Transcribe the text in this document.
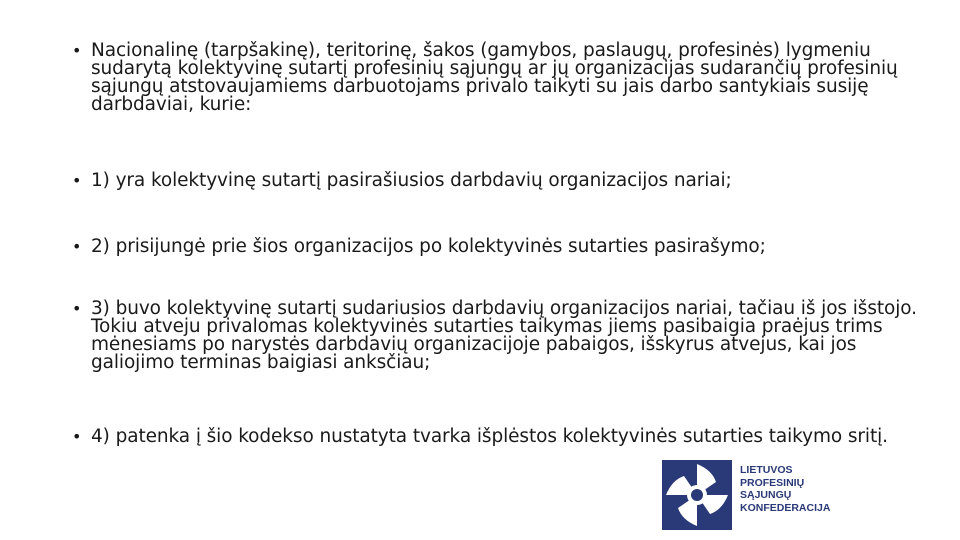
• Nacionalinę (tarpšakinę), teritorinę, šakos (gamybos, paslaugų, profesinės) lygmeniu sudarytą kolektyvinę sutartį profesinių sąjungų ar jų organizacijas sudarančių profesinių sąjungų atstovaujamiems darbuotojams privalo taikyti su jais darbo santykiais susiję darbdaviai, kurie:
• 1) yra kolektyvinę sutartį pasirašiusios darbdavių organizacijos nariai;
• 2) prisijungė prie šios organizacijos po kolektyvinės sutarties pasirašymo;
• 3) buvo kolektyvinę sutartį sudariusios darbdavių organizacijos nariai, tačiau iš jos išstojo. Tokiu atveju privalomas kolektyvinės sutarties taikymas jiems pasibaigia praėjus trims mėnesiams po narystės darbdavių organizacijoje pabaigos, išskyrus atvejus, kai jos galiojimo terminas baigiasi anksčiau;
• 4) patenka į šio kodekso nustatyta tvarka išplėstos kolektyvinės sutarties taikymo sritį.
LIETUVOS
PROFESINIŲ
SĄJUNGŲ
KONFEDERACIJA
